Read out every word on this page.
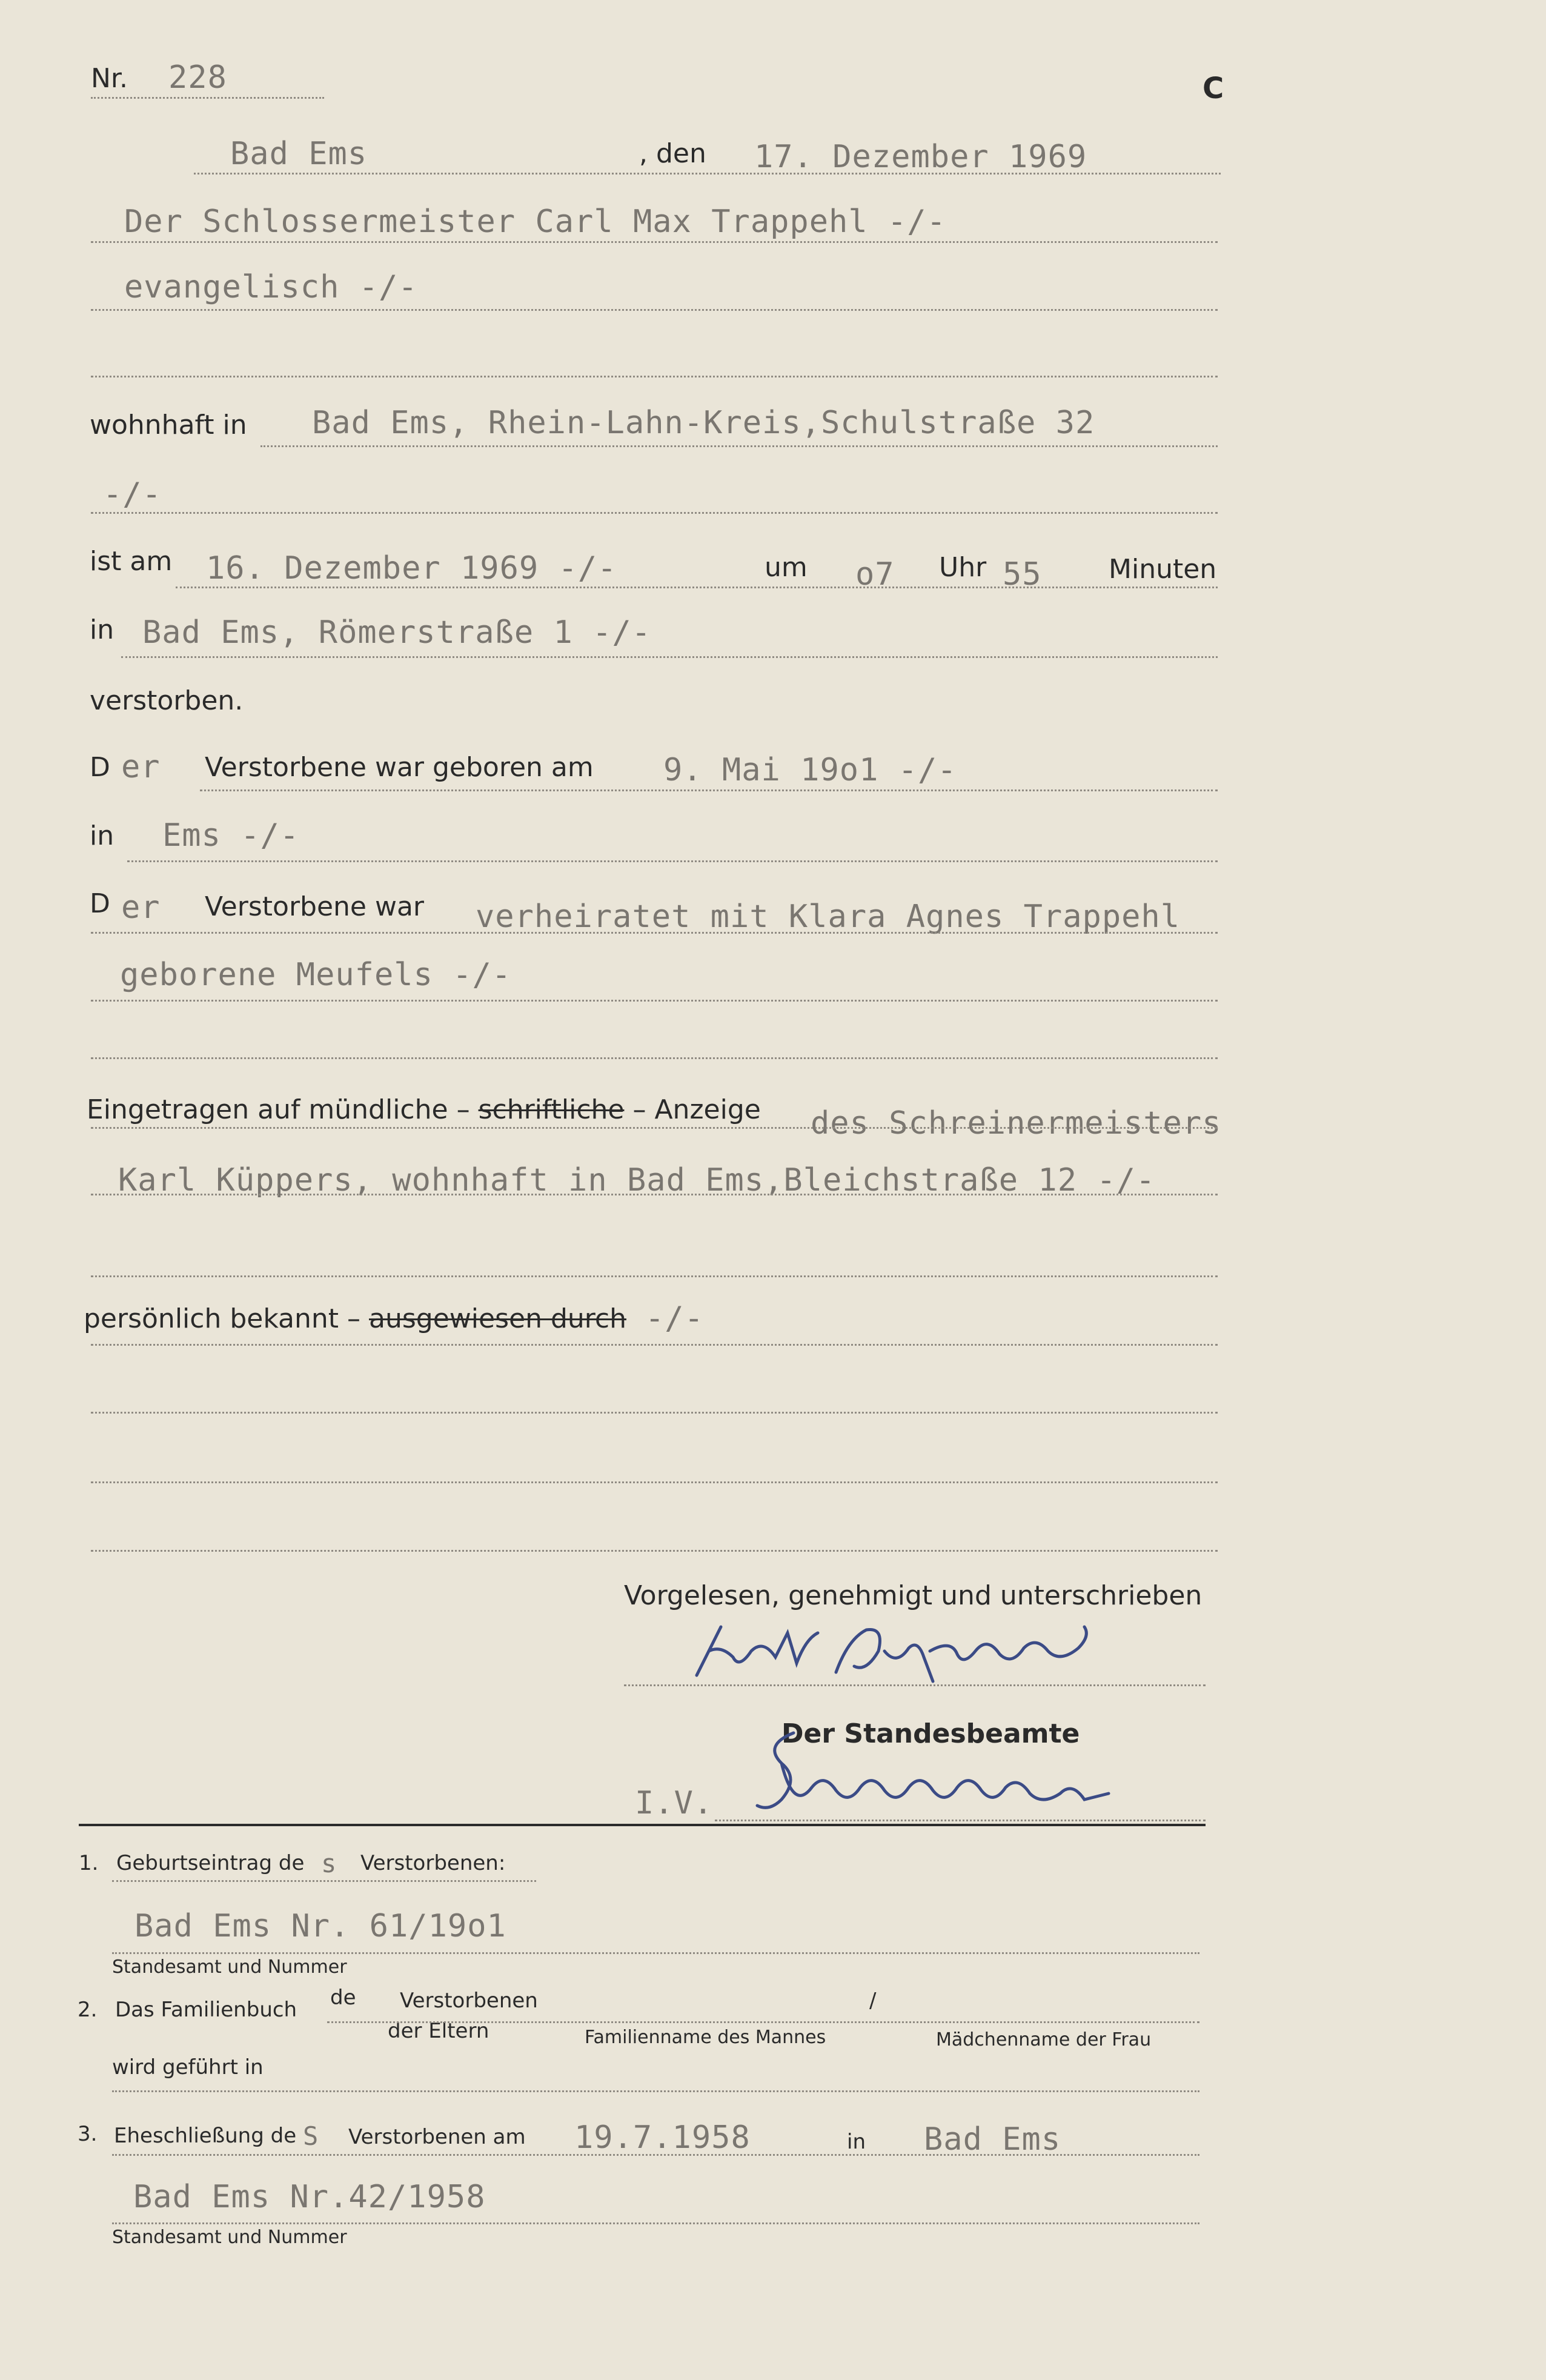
Nr. 228	C
Bad Ems	, den 17. Dezember 1969
Der Schlossermeister Carl Max Trappehl -/-
evangelisch -/-
wohnhaft in Bad Ems, Rhein-Lahn-Kreis,Schulstraße 32
-/-
ist am 16. Dezember 1969 -/-	um o7 Uhr 55	Minuten
in Bad Ems, Römerstraße 1 -/-
verstorben.
D er Verstorbene war geboren am 9. Mai 19o1 -/-
in Ems -/-
D er Verstorbene war verheiratet mit Klara Agnes Trappehl
geborene Meufels -/-
Eingetragen auf mündliche – schriftliche – Anzeige des Schreinermeisters
Karl Küppers, wohnhaft in Bad Ems,Bleichstraße 12 -/-
persönlich bekannt – ausgewiesen durch -/-
Vorgelesen, genehmigt und unterschrieben
Der Standesbeamte
I.V.
1. Geburtseintrag de s Verstorbenen:
Bad Ems Nr. 61/19o1
Standesamt und Nummer
2. Das Familienbuch de Verstorbenen
der Eltern
/
Familienname des Mannes	Mädchenname der Frau
wird geführt in
3. Eheschließung de S Verstorbenen am 19.7.1958	in Bad Ems
Bad Ems Nr.42/1958
Standesamt und Nummer
